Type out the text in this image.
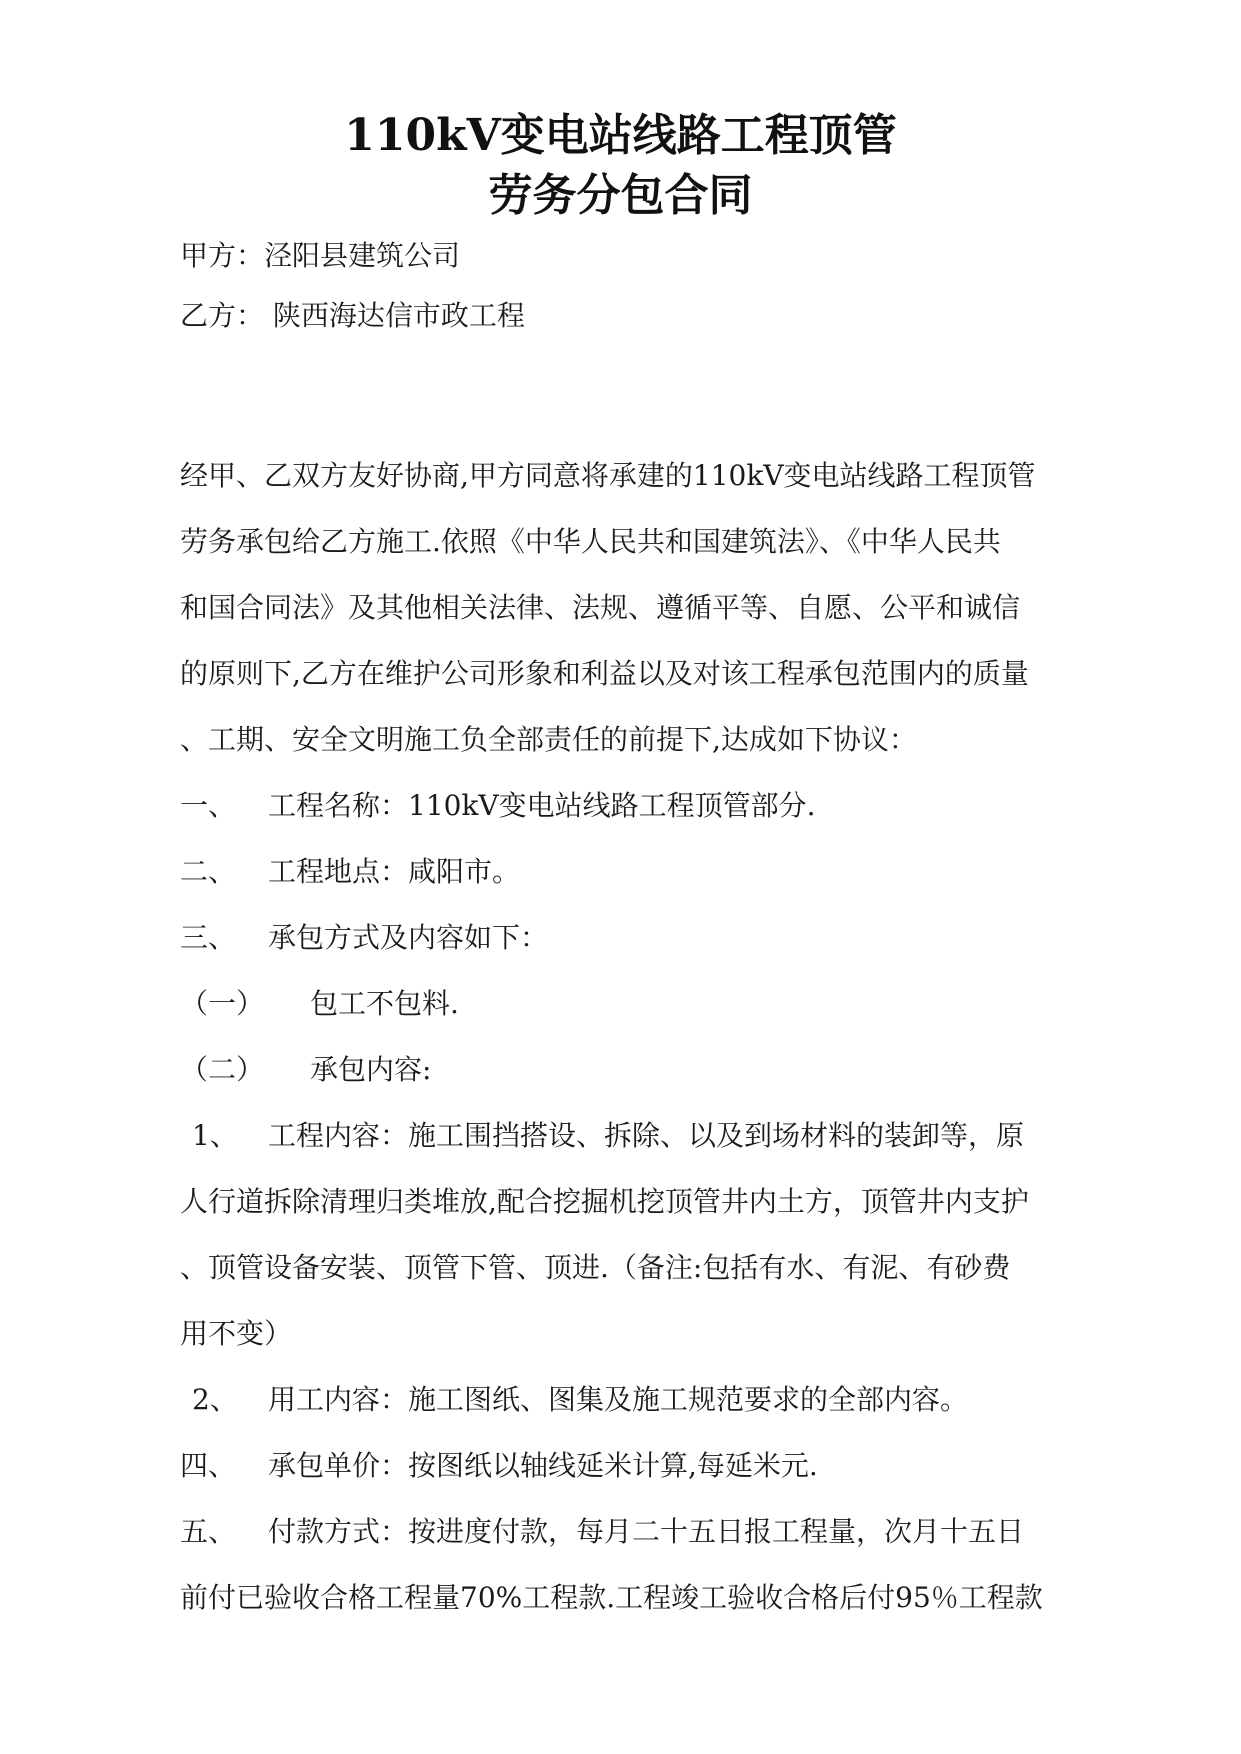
110kV变电站线路工程顶管
劳务分包合同
甲方：泾阳县建筑公司
乙方： 陕西海达信市政工程
经甲、乙双方友好协商,甲方同意将承建的110kV变电站线路工程顶管
劳务承包给乙方施工.依照《中华人民共和国建筑法》、《中华人民共
和国合同法》及其他相关法律、法规、遵循平等、自愿、公平和诚信
的原则下,乙方在维护公司形象和利益以及对该工程承包范围内的质量
、工期、安全文明施工负全部责任的前提下,达成如下协议：
一、 工程名称：110kV变电站线路工程顶管部分.
二、 工程地点：咸阳市。
三、 承包方式及内容如下：
（一） 包工不包料.
（二） 承包内容:
1、 工程内容：施工围挡搭设、拆除、以及到场材料的装卸等，原
人行道拆除清理归类堆放,配合挖掘机挖顶管井内土方，顶管井内支护
、顶管设备安装、顶管下管、顶进.（备注:包括有水、有泥、有砂费
用不变）
2、 用工内容：施工图纸、图集及施工规范要求的全部内容。
四、 承包单价：按图纸以轴线延米计算,每延米元.
五、 付款方式：按进度付款，每月二十五日报工程量，次月十五日
前付已验收合格工程量70%工程款.工程竣工验收合格后付95％工程款
